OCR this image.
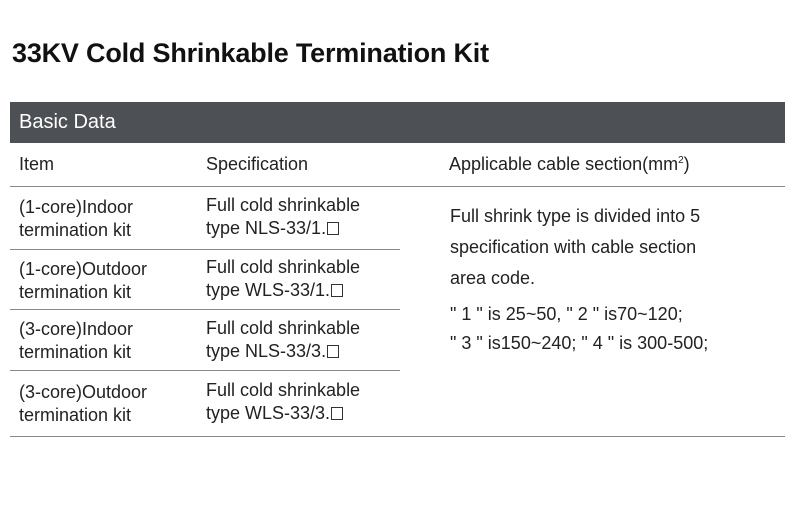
33KV Cold Shrinkable Termination Kit
Basic Data
Item	Specification	Applicable cable $section(mm^2)$
(1-core)Indoor
termination kit
Full cold shrinkable
type NLS-33/1.
(1-core)Outdoor
termination kit
Full cold shrinkable
type WLS-33/1.
(3-core)Indoor
termination kit
Full cold shrinkable
type NLS-33/3.
(3-core)Outdoor
termination kit
Full cold shrinkable
type WLS-33/3.
Full shrink type is divided into 5
specification with cable section
area code.
" 1 " is 25~50, " 2 " is70~120;
" 3 " is150~240; " 4 " is 300-500;
